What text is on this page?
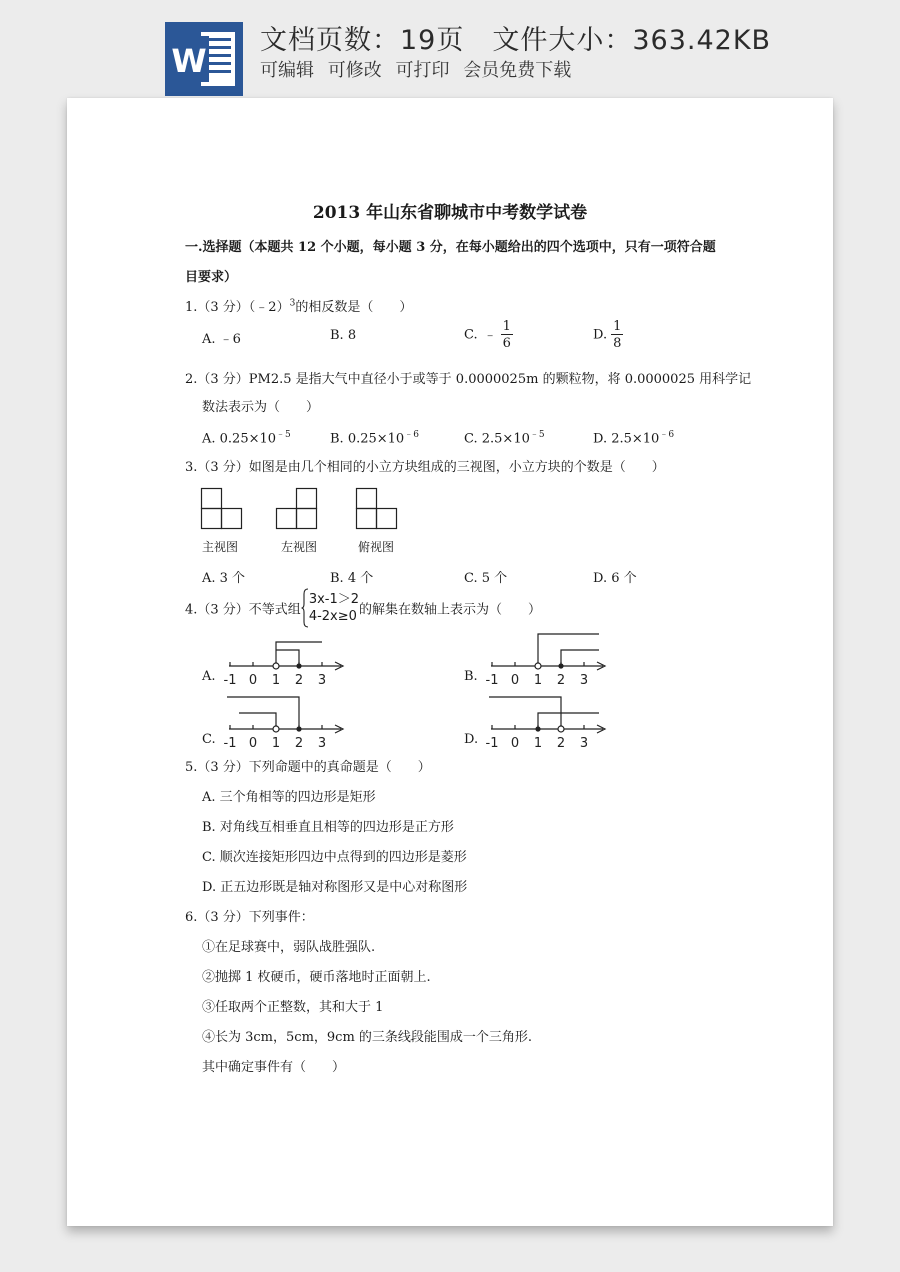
W
文档页数：19页 文件大小：363.42KB
可编辑 可修改 可打印 会员免费下载
2013 年山东省聊城市中考数学试卷
一.选择题（本题共 12 个小题，每小题 3 分，在每小题给出的四个选项中，只有一项符合题
目要求）
1.（3 分）（﹣2）$^3$的相反数是（　　）
A. ﹣6	B. 8	C. ﹣ $\frac{1}{6}$	D. $\frac{1}{8}$
2.（3 分）PM2.5 是指大气中直径小于或等于 0.0000025m 的颗粒物，将 0.0000025 用科学记
数法表示为（　　）
A. $0.25\times 10^{﹣5}$	B. $0.25\times 10^{﹣6}$	C. $2.5\times 10^{﹣5}$	D. $2.5\times 10^{﹣6}$
3.（3 分）如图是由几个相同的小立方块组成的三视图，小立方块的个数是（　　）
主视图	左视图	俯视图
A. 3 个	B. 4 个	C. 5 个	D. 6 个
4.（3 分）不等式组3x-1＞2
4-2x≥0 的解集在数轴上表示为（　　）
A. -1 0 1 2 3	B. -1 0 1 2 3
C. -1 0 1 2 3	D. -1 0 1 2 3
5.（3 分）下列命题中的真命题是（　　）
A. 三个角相等的四边形是矩形
B. 对角线互相垂直且相等的四边形是正方形
C. 顺次连接矩形四边中点得到的四边形是菱形
D. 正五边形既是轴对称图形又是中心对称图形
6.（3 分）下列事件：
①在足球赛中，弱队战胜强队.
②抛掷 1 枚硬币，硬币落地时正面朝上.
③任取两个正整数，其和大于 1
④长为 3cm，5cm，9cm 的三条线段能围成一个三角形.
其中确定事件有（　　）
